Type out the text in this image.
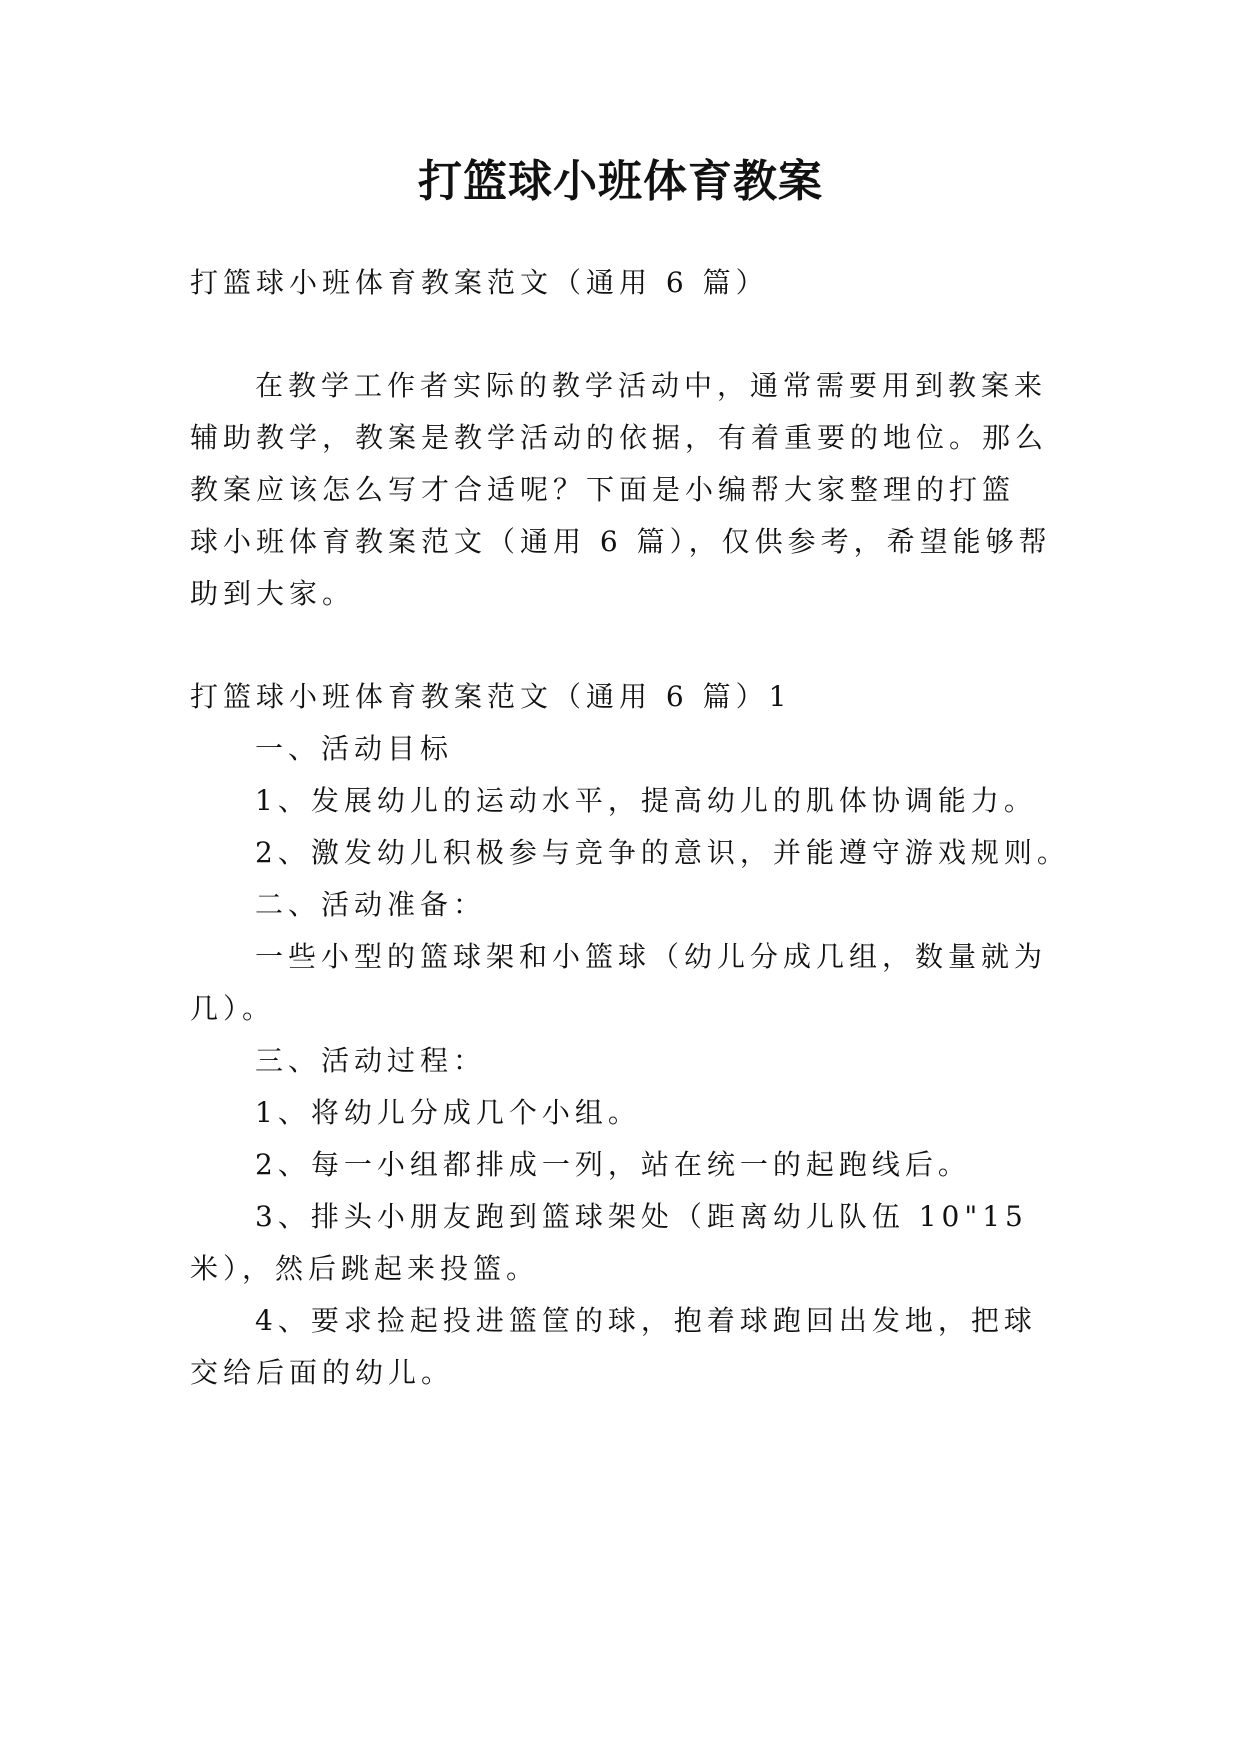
打篮球小班体育教案

打篮球小班体育教案范文（通用 6 篇）

在教学工作者实际的教学活动中，通常需要用到教案来

辅助教学，教案是教学活动的依据，有着重要的地位。那么

教案应该怎么写才合适呢？下面是小编帮大家整理的打篮

球小班体育教案范文（通用 6 篇），仅供参考，希望能够帮

助到大家。

打篮球小班体育教案范文（通用 6 篇）1

一、活动目标

1、发展幼儿的运动水平，提高幼儿的肌体协调能力。

2、激发幼儿积极参与竞争的意识，并能遵守游戏规则。

二、活动准备：

一些小型的篮球架和小篮球（幼儿分成几组，数量就为

几）。

三、活动过程：

1、将幼儿分成几个小组。

2、每一小组都排成一列，站在统一的起跑线后。

3、排头小朋友跑到篮球架处（距离幼儿队伍 10"15

米），然后跳起来投篮。

4、要求捡起投进篮筐的球，抱着球跑回出发地，把球

交给后面的幼儿。
